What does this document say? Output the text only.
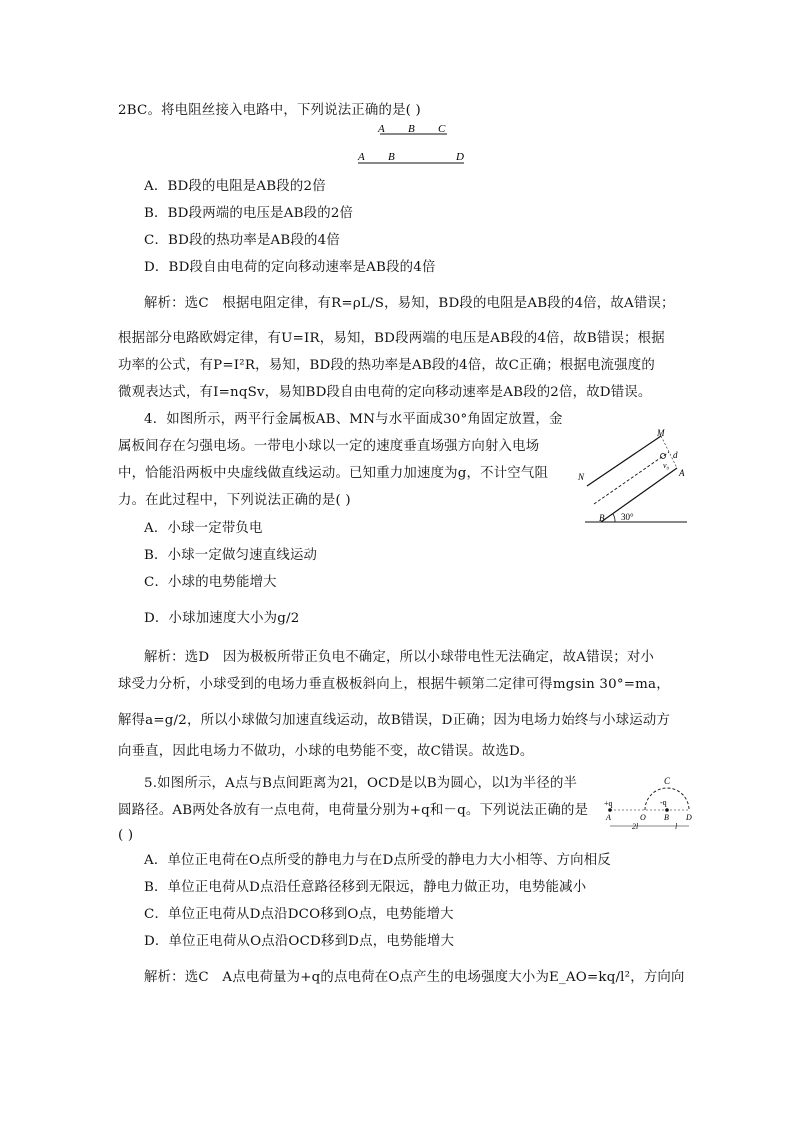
2BC。将电阻丝接入电路中，下列说法正确的是( )
A B C
A B	D
A．BD段的电阻是AB段的2倍
B．BD段两端的电压是AB段的2倍
C．BD段的热功率是AB段的4倍
D．BD段自由电荷的定向移动速率是AB段的4倍
解析：选C　根据电阻定律，有R=ρL/S，易知，BD段的电阻是AB段的4倍，故A错误；
根据部分电路欧姆定律，有U=IR，易知，BD段两端的电压是AB段的4倍，故B错误；根据
功率的公式，有P=I²R，易知，BD段的热功率是AB段的4倍，故C正确；根据电流强度的
微观表达式，有I=nqSv，易知BD段自由电荷的定向移动速率是AB段的2倍，故D错误。
4．如图所示，两平行金属板AB、MN与水平面成30°角固定放置，金
属板间存在匀强电场。一带电小球以一定的速度垂直场强方向射入电场
中，恰能沿两板中央虚线做直线运动。已知重力加速度为g，不计空气阻
力。在此过程中，下列说法正确的是( )
M
N	A
B
d
v₀
30°
A．小球一定带负电
B．小球一定做匀速直线运动
C．小球的电势能增大
D．小球加速度大小为g/2
解析：选D　因为极板所带正负电不确定，所以小球带电性无法确定，故A错误；对小
球受力分析，小球受到的电场力垂直极板斜向上，根据牛顿第二定律可得mgsin 30°=ma，
解得a=g/2，所以小球做匀加速直线运动，故B错误，D正确；因为电场力始终与小球运动方
向垂直，因此电场力不做功，小球的电势能不变，故C错误。故选D。
5.如图所示，A点与B点间距离为2l，OCD是以B为圆心，以l为半径的半
圆路径。AB两处各放有一点电荷，电荷量分别为+q和－q。下列说法正确的是
( )
C
+q	-q
A	O B D
2l	l
A．单位正电荷在O点所受的静电力与在D点所受的静电力大小相等、方向相反
B．单位正电荷从D点沿任意路径移到无限远，静电力做正功，电势能减小
C．单位正电荷从D点沿DCO移到O点，电势能增大
D．单位正电荷从O点沿OCD移到D点，电势能增大
解析：选C　A点电荷量为+q的点电荷在O点产生的电场强度大小为E_AO=kq/l²，方向向
